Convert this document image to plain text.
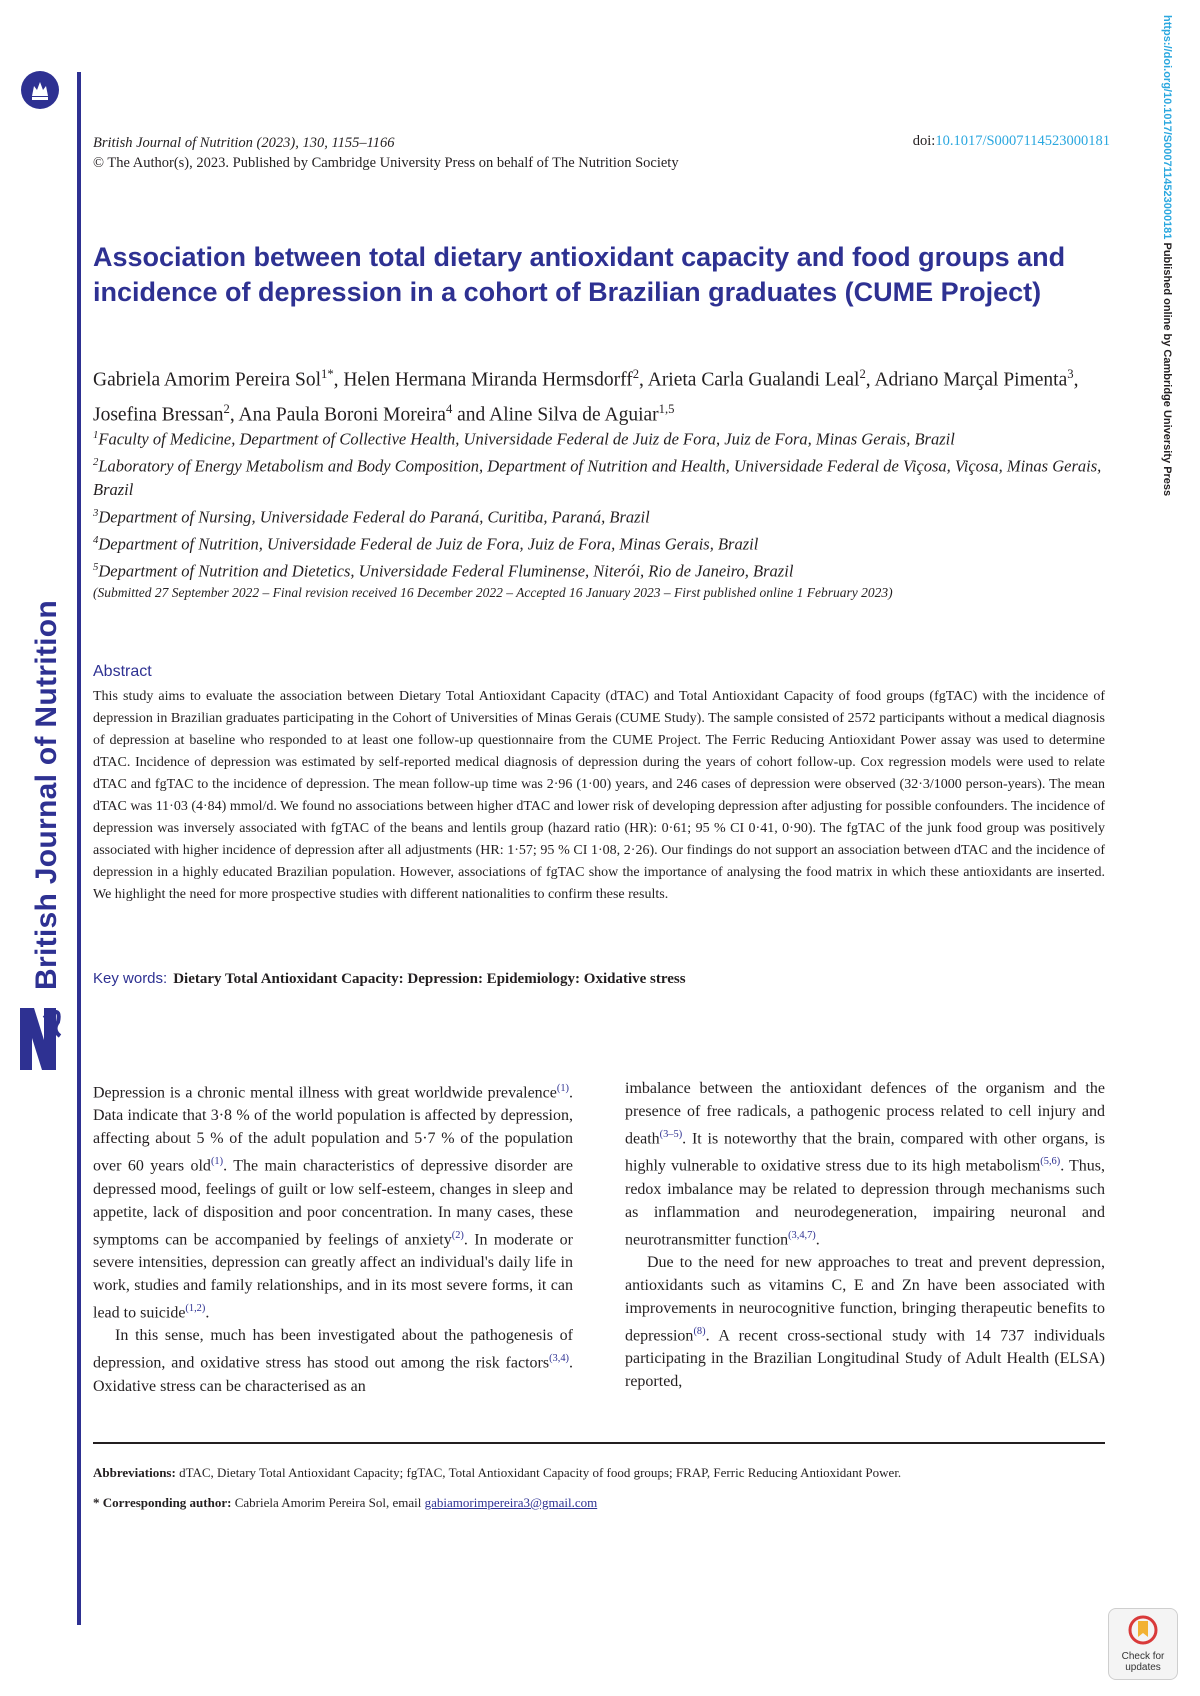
British Journal of Nutrition
https://doi.org/10.1017/S0007114523000181 Published online by Cambridge University Press
British Journal of Nutrition (2023), 130, 1155–1166
© The Author(s), 2023. Published by Cambridge University Press on behalf of The Nutrition Society
doi:10.1017/S0007114523000181
Association between total dietary antioxidant capacity and food groups and incidence of depression in a cohort of Brazilian graduates (CUME Project)
Gabriela Amorim Pereira Sol$^{1*}$, Helen Hermana Miranda Hermsdorff$^2$, Arieta Carla Gualandi Leal$^2$, Adriano Marçal Pimenta$^3$, Josefina Bressan$^2$, Ana Paula Boroni Moreira$^4$ and Aline Silva de Aguiar$^{1,5}$
$^1$Faculty of Medicine, Department of Collective Health, Universidade Federal de Juiz de Fora, Juiz de Fora, Minas Gerais, Brazil
$^2$Laboratory of Energy Metabolism and Body Composition, Department of Nutrition and Health, Universidade Federal de Viçosa, Viçosa, Minas Gerais, Brazil
$^3$Department of Nursing, Universidade Federal do Paraná, Curitiba, Paraná, Brazil
$^4$Department of Nutrition, Universidade Federal de Juiz de Fora, Juiz de Fora, Minas Gerais, Brazil
$^5$Department of Nutrition and Dietetics, Universidade Federal Fluminense, Niterói, Rio de Janeiro, Brazil
(Submitted 27 September 2022 – Final revision received 16 December 2022 – Accepted 16 January 2023 – First published online 1 February 2023)
Abstract

This study aims to evaluate the association between Dietary Total Antioxidant Capacity (dTAC) and Total Antioxidant Capacity of food groups (fgTAC) with the incidence of depression in Brazilian graduates participating in the Cohort of Universities of Minas Gerais (CUME Study). The sample consisted of 2572 participants without a medical diagnosis of depression at baseline who responded to at least one follow-up questionnaire from the CUME Project. The Ferric Reducing Antioxidant Power assay was used to determine dTAC. Incidence of depression was estimated by self-reported medical diagnosis of depression during the years of cohort follow-up. Cox regression models were used to relate dTAC and fgTAC to the incidence of depression. The mean follow-up time was 2·96 (1·00) years, and 246 cases of depression were observed (32·3/1000 person-years). The mean dTAC was 11·03 (4·84) mmol/d. We found no associations between higher dTAC and lower risk of developing depression after adjusting for possible confounders. The incidence of depression was inversely associated with fgTAC of the beans and lentils group (hazard ratio (HR): 0·61; 95 % CI 0·41, 0·90). The fgTAC of the junk food group was positively associated with higher incidence of depression after all adjustments (HR: 1·57; 95 % CI 1·08, 2·26). Our findings do not support an association between dTAC and the incidence of depression in a highly educated Brazilian population. However, associations of fgTAC show the importance of analysing the food matrix in which these antioxidants are inserted. We highlight the need for more prospective studies with different nationalities to confirm these results.

Key words: Dietary Total Antioxidant Capacity: Depression: Epidemiology: Oxidative stress

Depression is a chronic mental illness with great worldwide prevalence$^{(1)}$. Data indicate that 3·8 % of the world population is affected by depression, affecting about 5 % of the adult population and 5·7 % of the population over 60 years old$^{(1)}$. The main characteristics of depressive disorder are depressed mood, feelings of guilt or low self-esteem, changes in sleep and appetite, lack of disposition and poor concentration. In many cases, these symptoms can be accompanied by feelings of anxiety$^{(2)}$. In moderate or severe intensities, depression can greatly affect an individual's daily life in work, studies and family relationships, and in its most severe forms, it can lead to suicide$^{(1,2)}$.

In this sense, much has been investigated about the pathogenesis of depression, and oxidative stress has stood out among the risk factors$^{(3,4)}$. Oxidative stress can be characterised as an

imbalance between the antioxidant defences of the organism and the presence of free radicals, a pathogenic process related to cell injury and death$^{(3-5)}$. It is noteworthy that the brain, compared with other organs, is highly vulnerable to oxidative stress due to its high metabolism$^{(5,6)}$. Thus, redox imbalance may be related to depression through mechanisms such as inflammation and neurodegeneration, impairing neuronal and neurotransmitter function$^{(3,4,7)}$.

Due to the need for new approaches to treat and prevent depression, antioxidants such as vitamins C, E and Zn have been associated with improvements in neurocognitive function, bringing therapeutic benefits to depression$^{(8)}$. A recent cross-sectional study with 14 737 individuals participating in the Brazilian Longitudinal Study of Adult Health (ELSA) reported,

Abbreviations: dTAC, Dietary Total Antioxidant Capacity; fgTAC, Total Antioxidant Capacity of food groups; FRAP, Ferric Reducing Antioxidant Power.
* Corresponding author: Cabriela Amorim Pereira Sol, email gabiamorimpereira3@gmail.com
Check for
updates
